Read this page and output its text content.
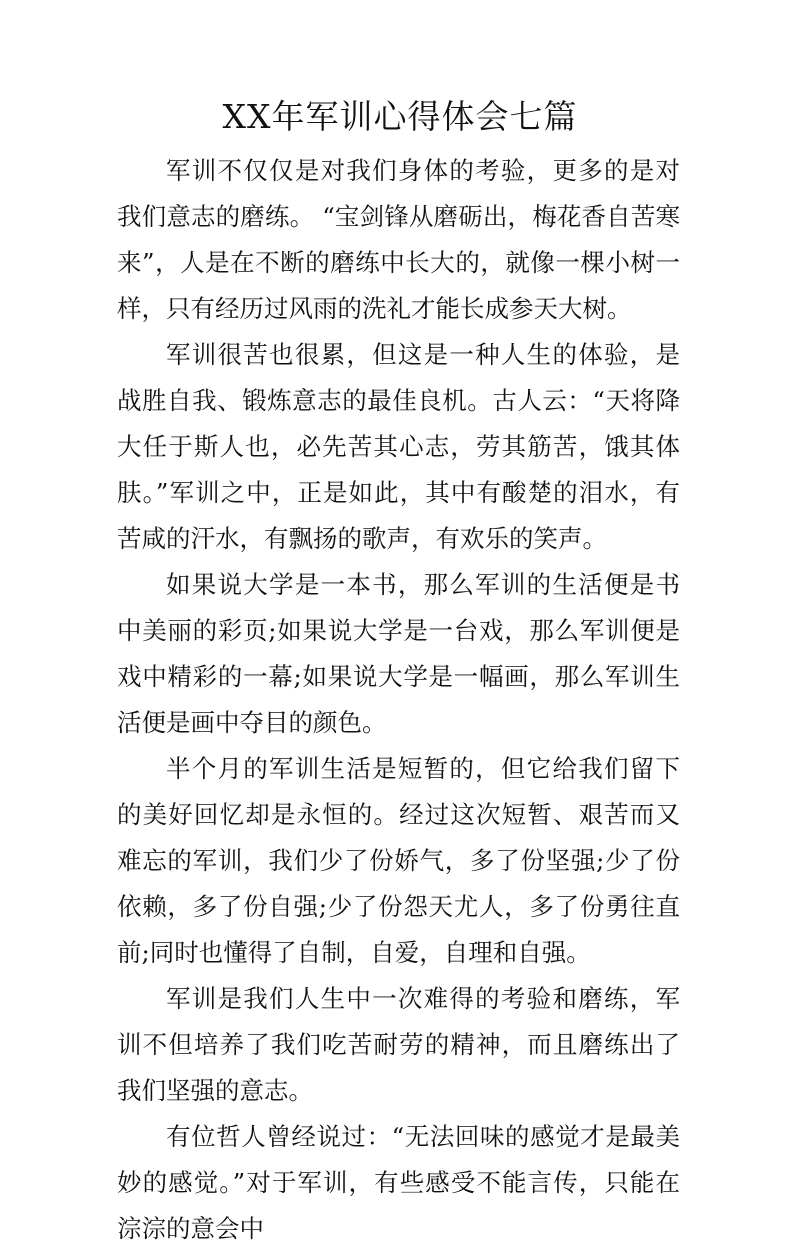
XX年军训心得体会七篇

军训不仅仅是对我们身体的考验，更多的是对我们意志的磨练。 “宝剑锋从磨砺出，梅花香自苦寒来”，人是在不断的磨练中长大的，就像一棵小树一样，只有经历过风雨的洗礼才能长成参天大树。

军训很苦也很累，但这是一种人生的体验，是战胜自我、锻炼意志的最佳良机。古人云：“天将降大任于斯人也，必先苦其心志，劳其筋苦，饿其体肤。”军训之中，正是如此，其中有酸楚的泪水，有苦咸的汗水，有飘扬的歌声，有欢乐的笑声。

如果说大学是一本书，那么军训的生活便是书中美丽的彩页;如果说大学是一台戏，那么军训便是戏中精彩的一幕;如果说大学是一幅画，那么军训生活便是画中夺目的颜色。

半个月的军训生活是短暂的，但它给我们留下的美好回忆却是永恒的。经过这次短暂、艰苦而又难忘的军训，我们少了份娇气，多了份坚强;少了份依赖，多了份自强;少了份怨天尤人，多了份勇往直前;同时也懂得了自制，自爱，自理和自强。

军训是我们人生中一次难得的考验和磨练，军训不但培养了我们吃苦耐劳的精神，而且磨练出了我们坚强的意志。

有位哲人曾经说过：“无法回味的感觉才是最美妙的感觉。”对于军训，有些感受不能言传，只能在淙淙的意会中
